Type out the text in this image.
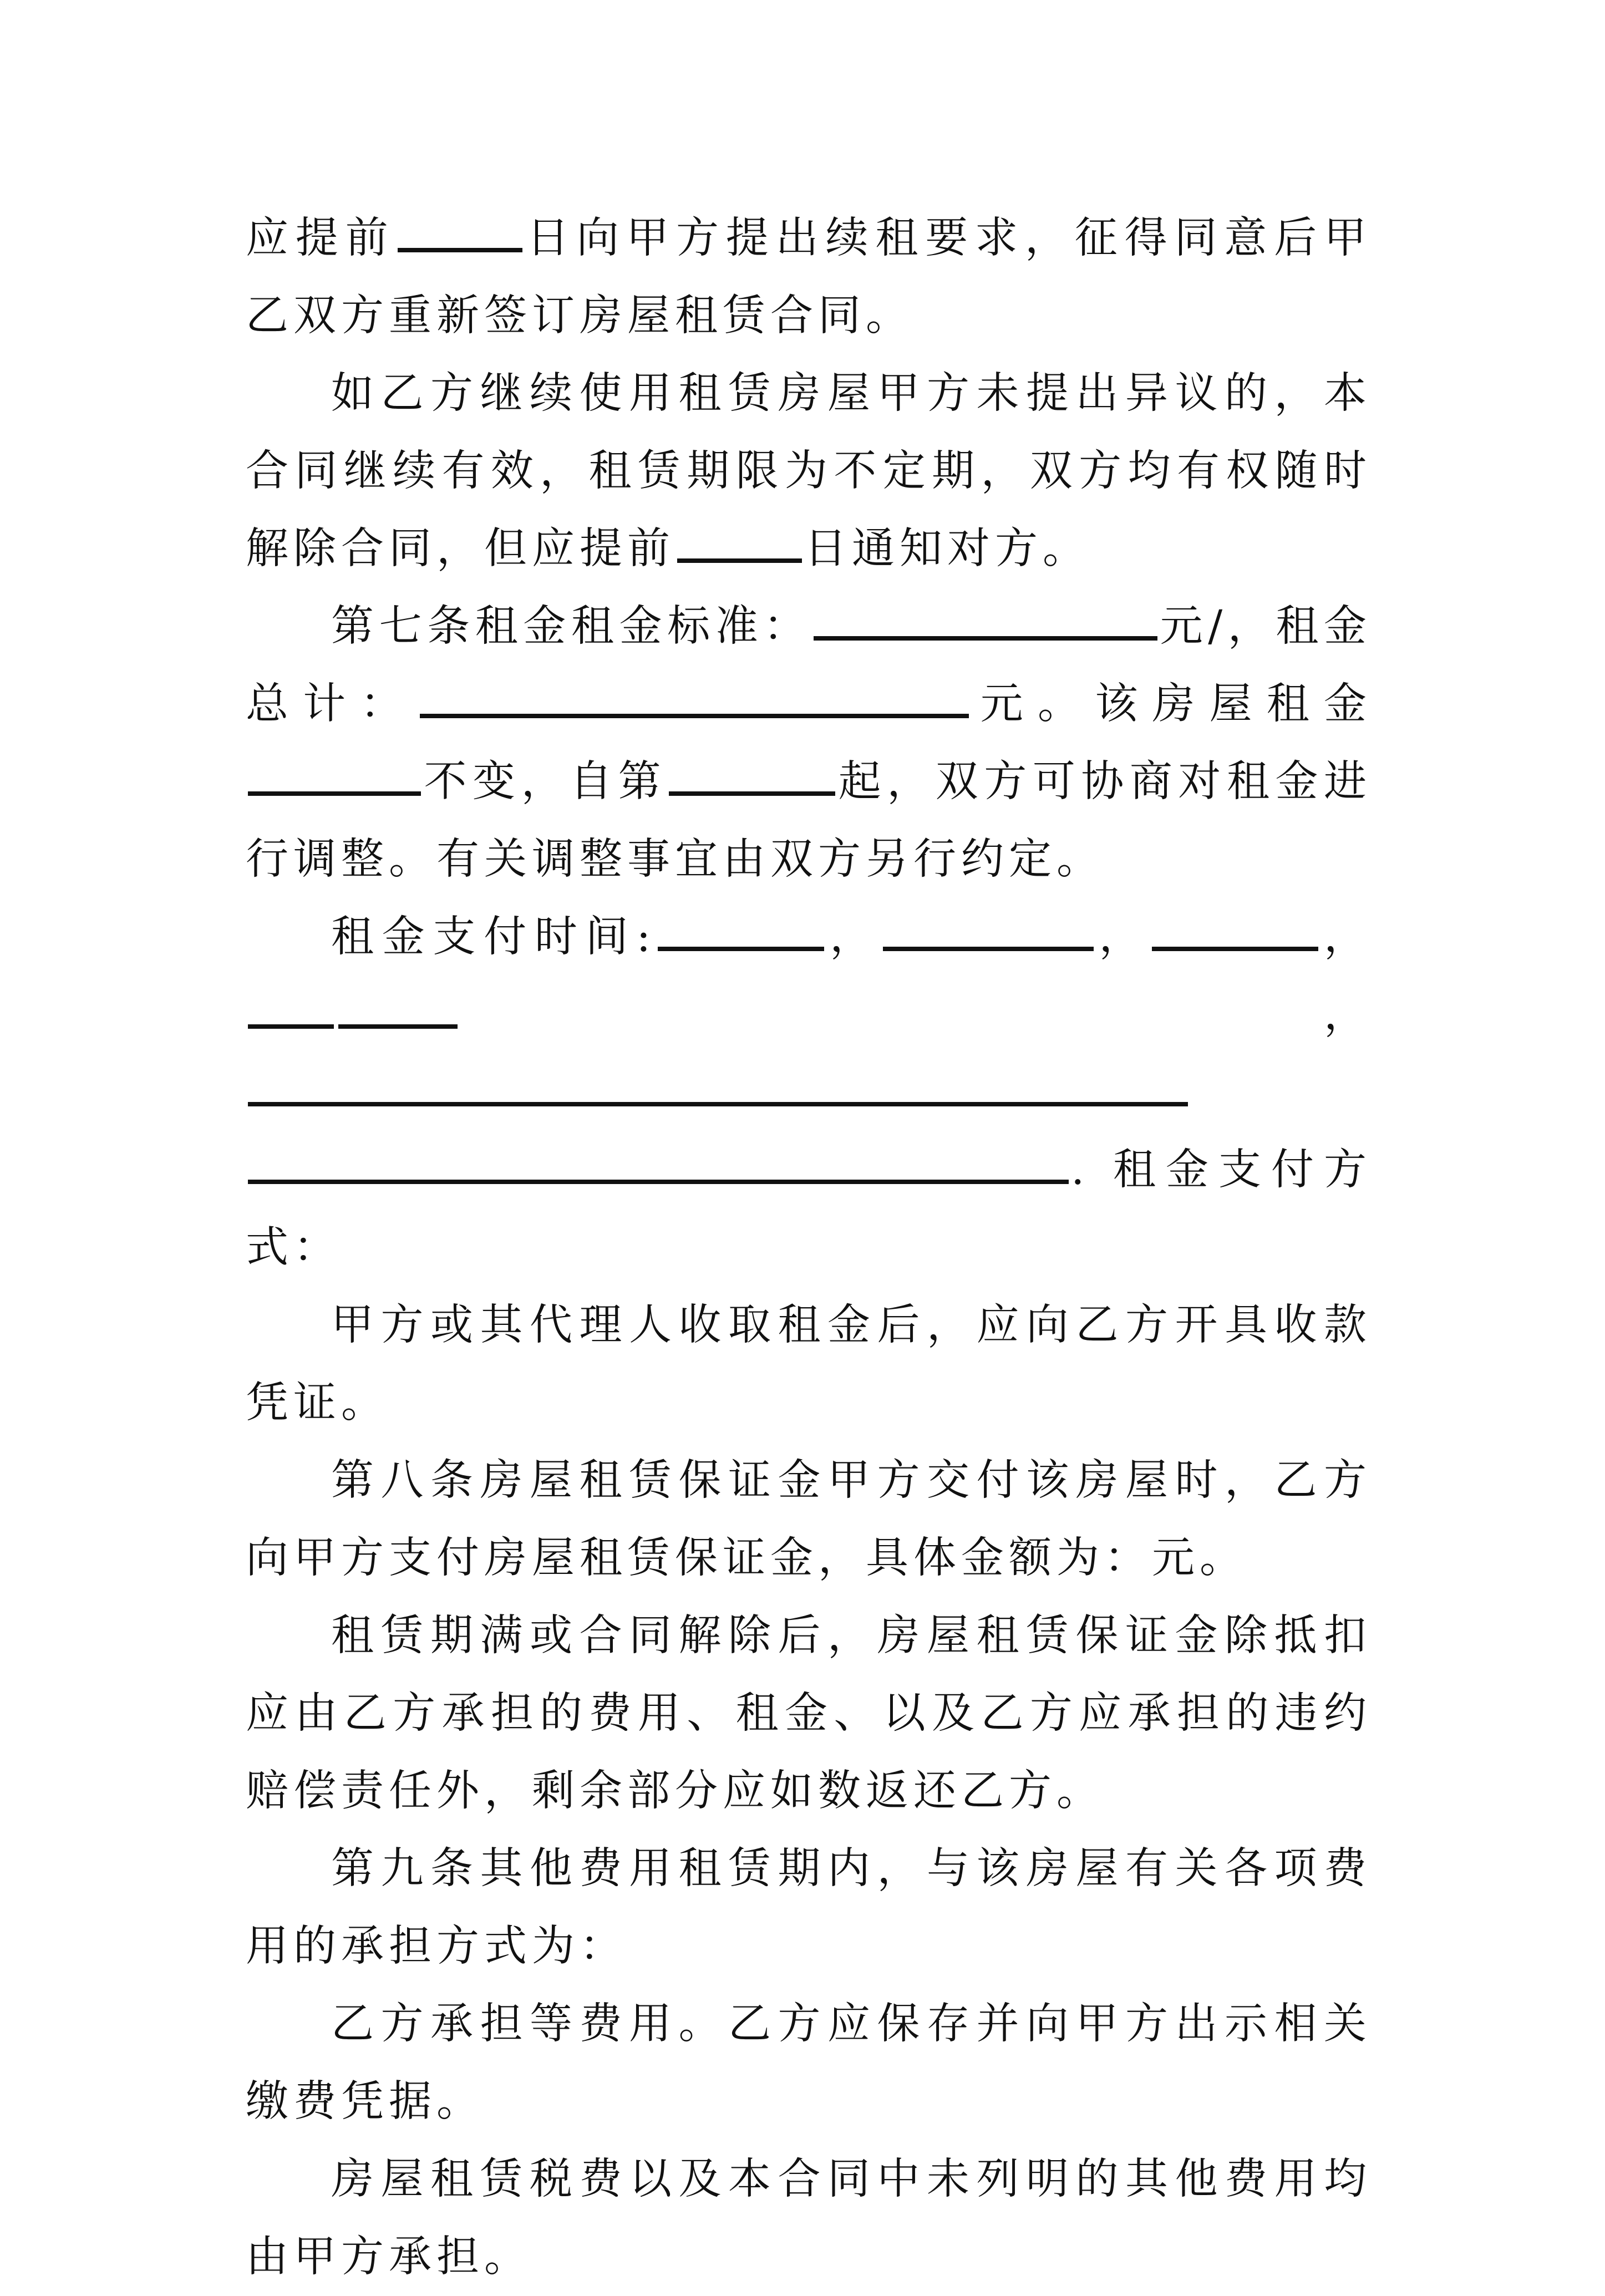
应提前	日向甲方提出续租要求，征得同意后甲乙双方重新签订房屋租赁合同。

如乙方继续使用租赁房屋甲方未提出异议的，本合同继续有效，租赁期限为不定期，双方均有权随时解除合同，但应提前	日通知对方。

第七条租金租金标准：	元/，租金总计：	元。该房屋租金不变，自第	起，双方可协商对租金进行调整。有关调整事宜由双方另行约定。

租金支付时间:	，	，	，，. 租金支付方式：

甲方或其代理人收取租金后，应向乙方开具收款凭证。

第八条房屋租赁保证金甲方交付该房屋时，乙方向甲方支付房屋租赁保证金，具体金额为：元。

租赁期满或合同解除后，房屋租赁保证金除抵扣应由乙方承担的费用、租金、以及乙方应承担的违约赔偿责任外，剩余部分应如数返还乙方。

第九条其他费用租赁期内，与该房屋有关各项费用的承担方式为：

乙方承担等费用。乙方应保存并向甲方出示相关缴费凭据。

房屋租赁税费以及本合同中未列明的其他费用均由甲方承担。
